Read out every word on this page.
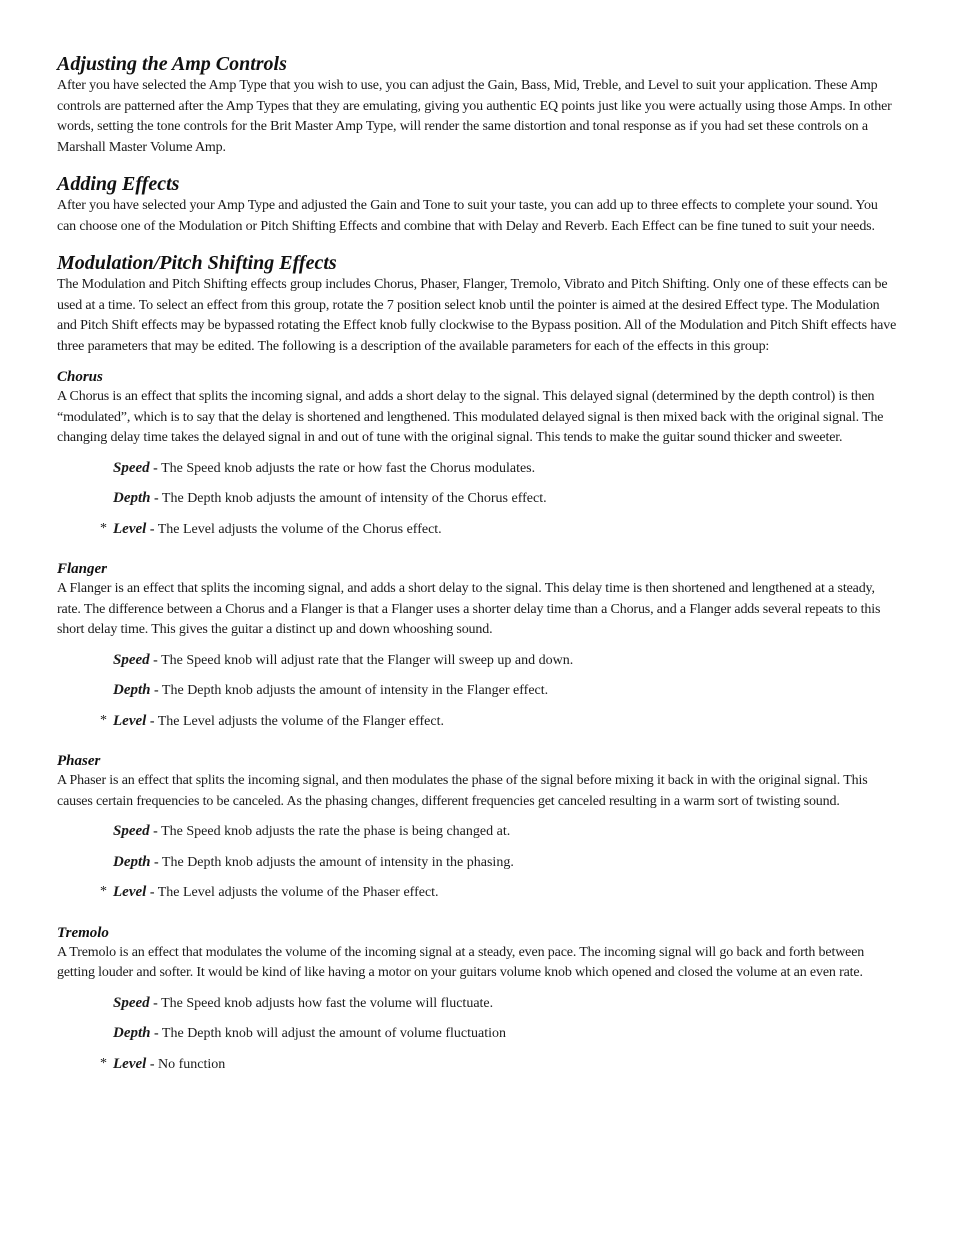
Adjusting the Amp Controls

After you have selected the Amp Type that you wish to use, you can adjust the Gain, Bass, Mid, Treble, and Level to suit your application. These Amp controls are patterned after the Amp Types that they are emulating, giving you authentic EQ points just like you were actually using those Amps. In other words, setting the tone controls for the Brit Master Amp Type, will render the same distortion and tonal response as if you had set these controls on a Marshall Master Volume Amp.

Adding Effects

After you have selected your Amp Type and adjusted the Gain and Tone to suit your taste, you can add up to three effects to complete your sound. You can choose one of the Modulation or Pitch Shifting Effects and combine that with Delay and Reverb. Each Effect can be fine tuned to suit your needs.

Modulation/Pitch Shifting Effects

The Modulation and Pitch Shifting effects group includes Chorus, Phaser, Flanger, Tremolo, Vibrato and Pitch Shifting. Only one of these effects can be used at a time. To select an effect from this group, rotate the 7 position select knob until the pointer is aimed at the desired Effect type. The Modulation and Pitch Shift effects may be bypassed rotating the Effect knob fully clockwise to the Bypass position. All of the Modulation and Pitch Shift effects have three parameters that may be edited. The following is a description of the available parameters for each of the effects in this group:

Chorus

A Chorus is an effect that splits the incoming signal, and adds a short delay to the signal. This delayed signal (determined by the depth control) is then “modulated”, which is to say that the delay is shortened and lengthened. This modulated delayed signal is then mixed back with the original signal. The changing delay time takes the delayed signal in and out of tune with the original signal. This tends to make the guitar sound thicker and sweeter.

Speed - The Speed knob adjusts the rate or how fast the Chorus modulates.
Depth - The Depth knob adjusts the amount of intensity of the Chorus effect.
* Level - The Level adjusts the volume of the Chorus effect.
Flanger

A Flanger is an effect that splits the incoming signal, and adds a short delay to the signal. This delay time is then shortened and lengthened at a steady, rate. The difference between a Chorus and a Flanger is that a Flanger uses a shorter delay time than a Chorus, and a Flanger adds several repeats to this short delay time. This gives the guitar a distinct up and down whooshing sound.

Speed - The Speed knob will adjust rate that the Flanger will sweep up and down.
Depth - The Depth knob adjusts the amount of intensity in the Flanger effect.
* Level - The Level adjusts the volume of the Flanger effect.
Phaser

A Phaser is an effect that splits the incoming signal, and then modulates the phase of the signal before mixing it back in with the original signal. This causes certain frequencies to be canceled. As the phasing changes, different frequencies get canceled resulting in a warm sort of twisting sound.

Speed - The Speed knob adjusts the rate the phase is being changed at.
Depth - The Depth knob adjusts the amount of intensity in the phasing.
* Level - The Level adjusts the volume of the Phaser effect.
Tremolo

A Tremolo is an effect that modulates the volume of the incoming signal at a steady, even pace. The incoming signal will go back and forth between getting louder and softer. It would be kind of like having a motor on your guitars volume knob which opened and closed the volume at an even rate.

Speed - The Speed knob adjusts how fast the volume will fluctuate.
Depth - The Depth knob will adjust the amount of volume fluctuation
* Level - No function
